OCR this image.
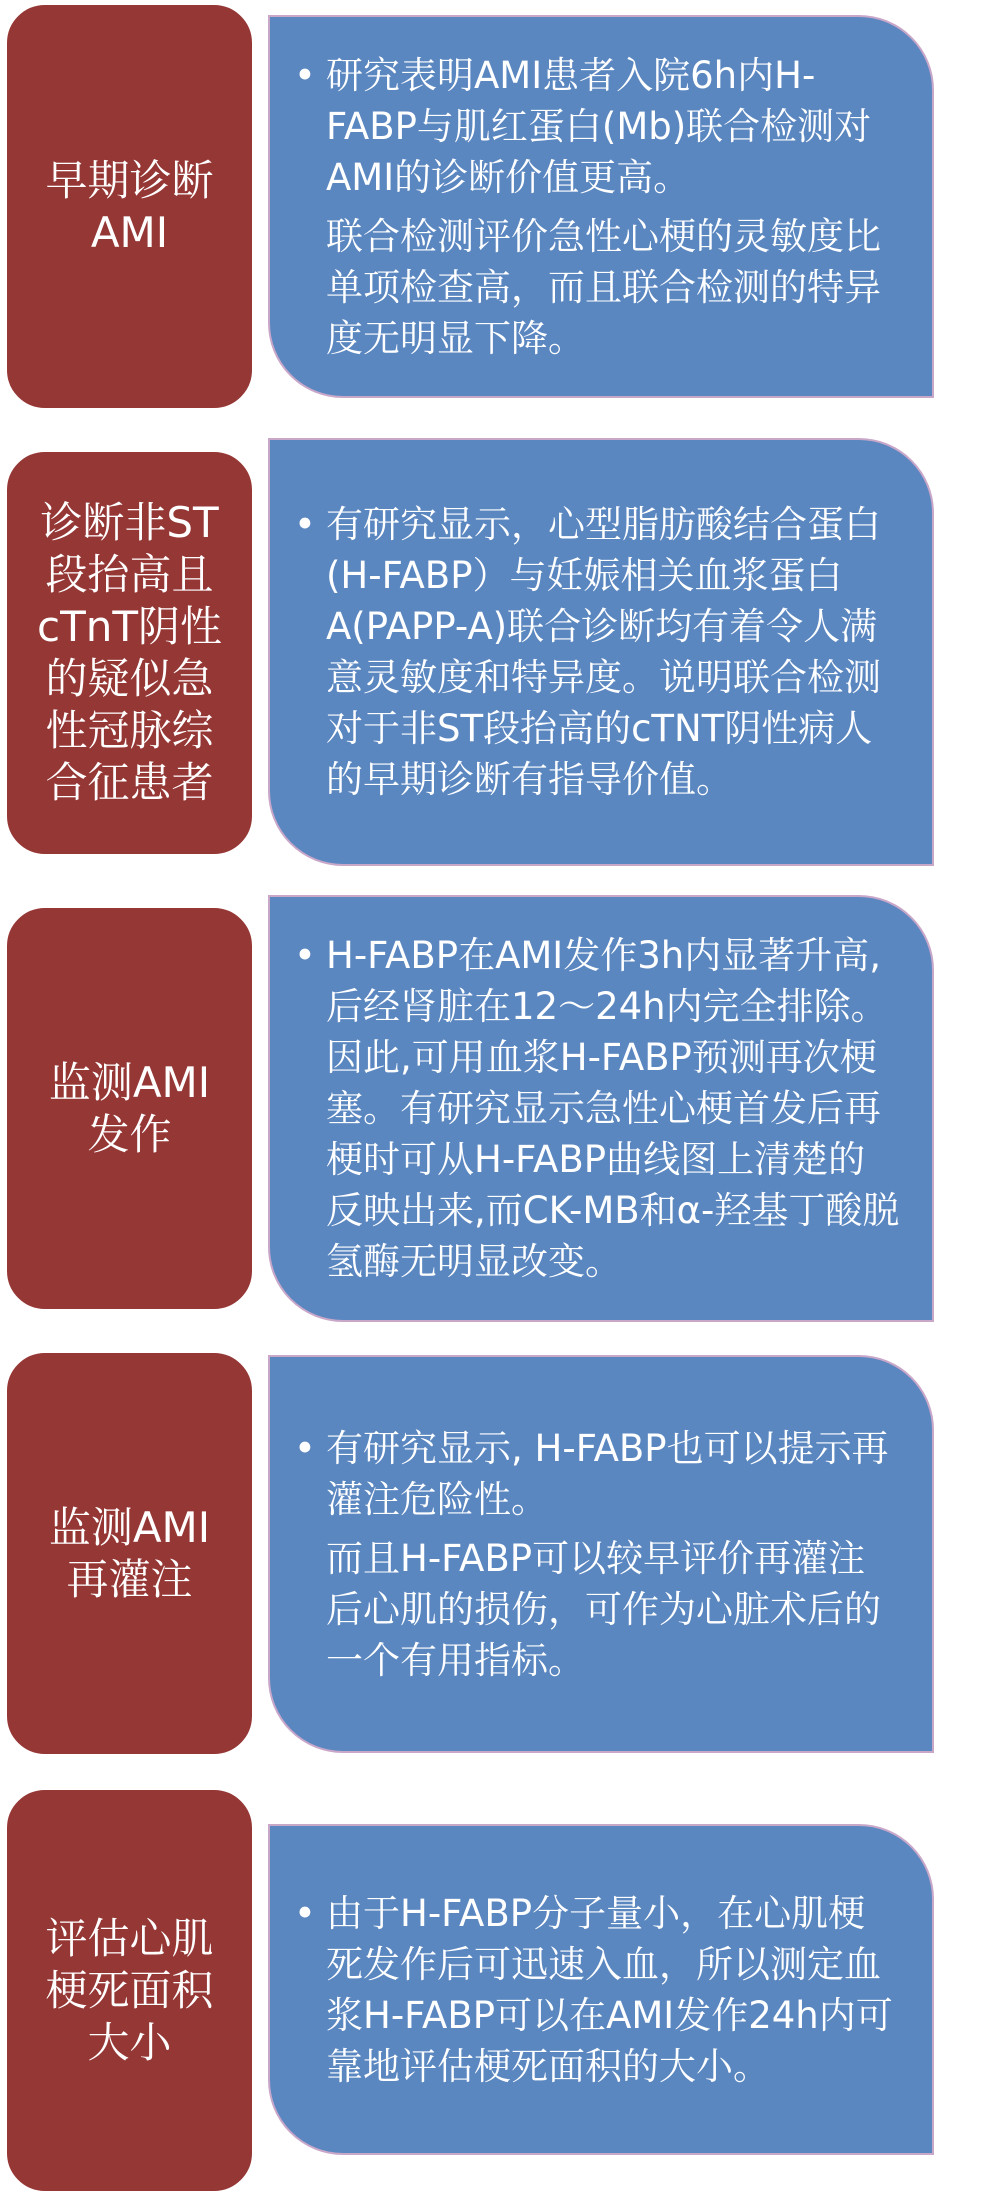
早期诊断
AMI

• 研究表明AMI患者入院6h内H-FABP与肌红蛋白(Mb)联合检测对AMI的诊断价值更高。

联合检测评价急性心梗的灵敏度比单项检查高，而且联合检测的特异度无明显下降。

诊断非ST
段抬高且
cTnT阴性
的疑似急
性冠脉综
合征患者

• 有研究显示，心型脂肪酸结合蛋白(H-FABP）与妊娠相关血浆蛋白A(PAPP-A)联合诊断均有着令人满意灵敏度和特异度。说明联合检测对于非ST段抬高的cTNT阴性病人的早期诊断有指导价值。

监测AMI
发作

• H-FABP在AMI发作3h内显著升高, 后经肾脏在12～24h内完全排除。因此,可用血浆H-FABP预测再次梗塞。有研究显示急性心梗首发后再梗时可从H-FABP曲线图上清楚的反映出来,而CK-MB和α-羟基丁酸脱氢酶无明显改变。

监测AMI
再灌注

• 有研究显示, H-FABP也可以提示再灌注危险性。

而且H-FABP可以较早评价再灌注后心肌的损伤，可作为心脏术后的一个有用指标。

评估心肌
梗死面积
大小

• 由于H-FABP分子量小，在心肌梗死发作后可迅速入血，所以测定血浆H-FABP可以在AMI发作24h内可靠地评估梗死面积的大小。
